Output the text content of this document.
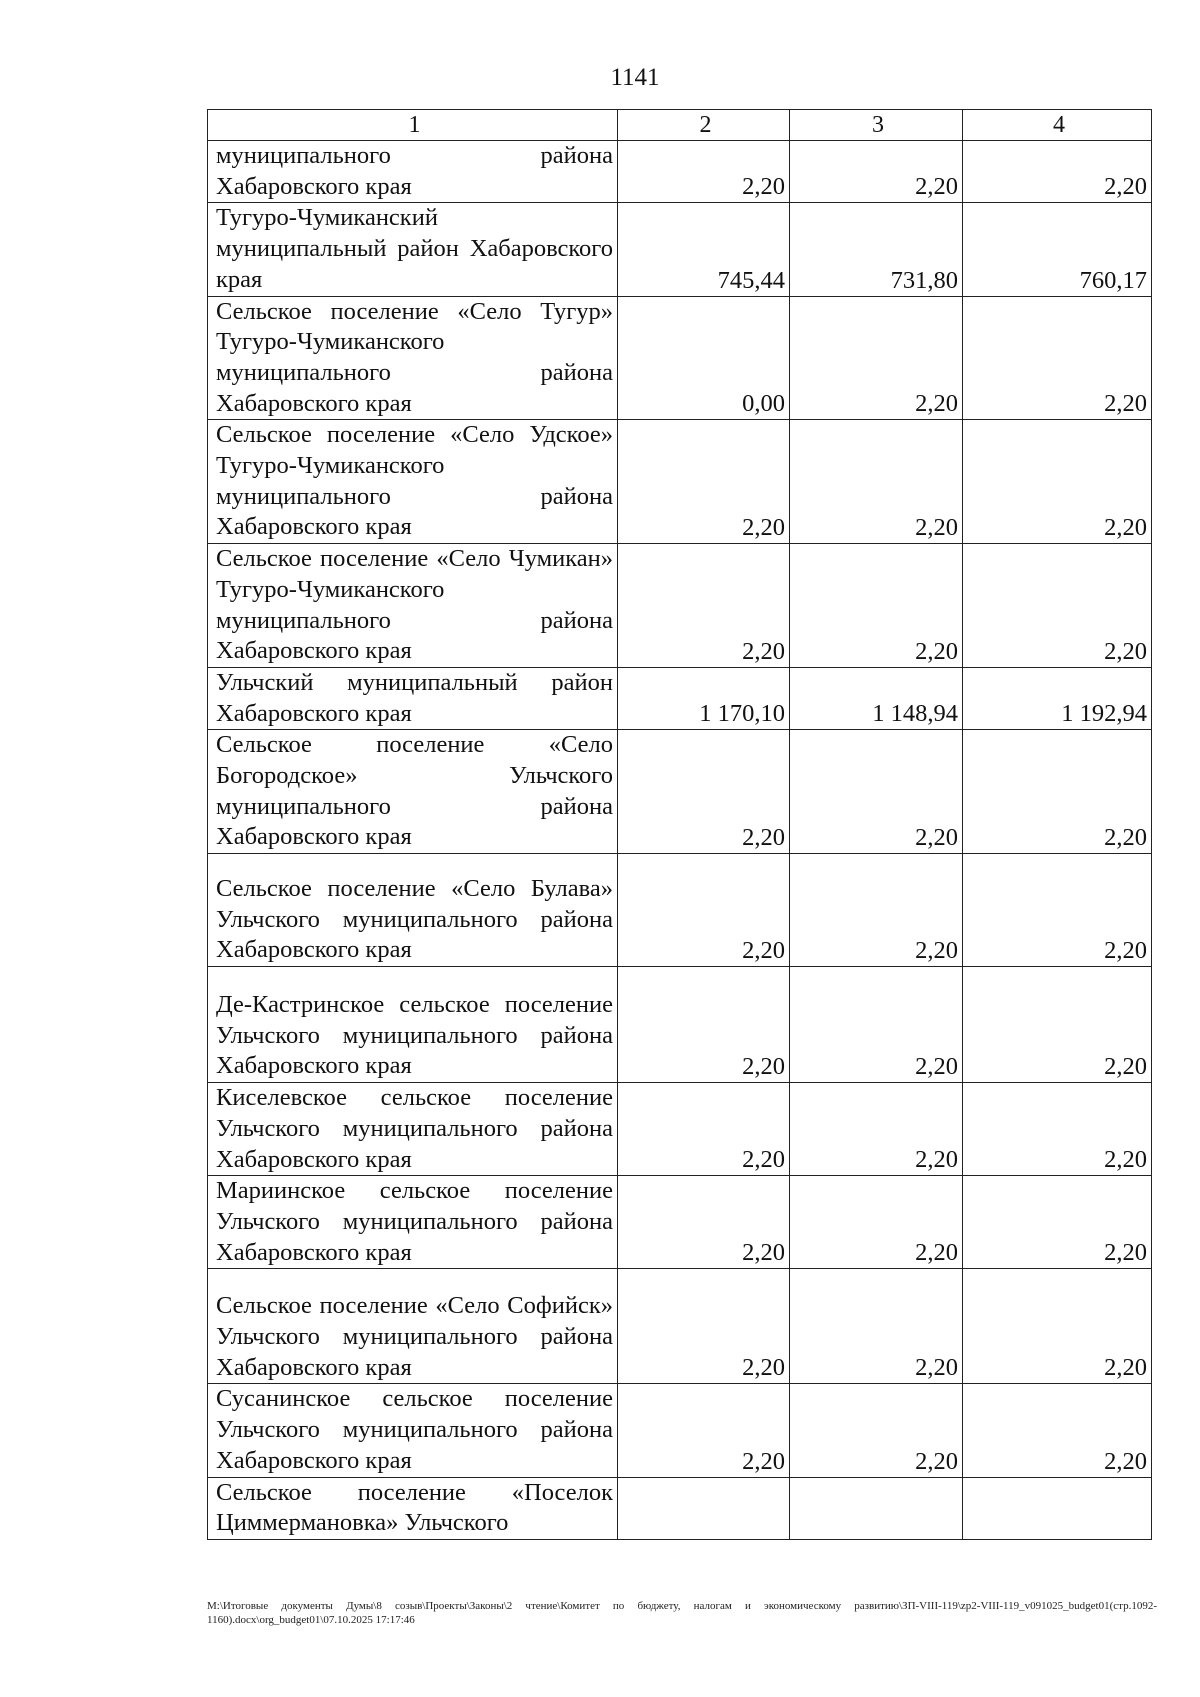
1141
1	2	3	4
муниципального района Хабаровского края	2,20	2,20	2,20
Тугуро-Чумиканский муниципальный район Хабаровского края	745,44	731,80	760,17
Сельское поселение «Село Тугур» Тугуро-Чумиканского муниципального района Хабаровского края	0,00	2,20	2,20
Сельское поселение «Село Удское» Тугуро-Чумиканского муниципального района Хабаровского края	2,20	2,20	2,20
Сельское поселение «Село Чумикан» Тугуро-Чумиканского муниципального района Хабаровского края	2,20	2,20	2,20
Ульчский муниципальный район Хабаровского края	1 170,10	1 148,94	1 192,94
Сельское поселение «Село Богородское» Ульчского муниципального района Хабаровского края	2,20	2,20	2,20
Сельское поселение «Село Булава» Ульчского муниципального района Хабаровского края	2,20	2,20	2,20
Де-Кастринское сельское поселение Ульчского муниципального района Хабаровского края	2,20	2,20	2,20
Киселевское сельское поселение Ульчского муниципального района Хабаровского края	2,20	2,20	2,20
Мариинское сельское поселение Ульчского муниципального района Хабаровского края	2,20	2,20	2,20
Сельское поселение «Село Софийск» Ульчского муниципального района Хабаровского края	2,20	2,20	2,20
Сусанинское сельское поселение Ульчского муниципального района Хабаровского края	2,20	2,20	2,20
Сельское поселение «Поселок Циммермановка» Ульчского			
M:\Итоговые документы Думы\8 созыв\Проекты\Законы\2 чтение\Комитет по бюджету, налогам и экономическому развитию\ЗП-VIII-119\zp2-VIII-119_v091025_budget01(стр.1092-1160).docx\org_budget01\07.10.2025 17:17:46
